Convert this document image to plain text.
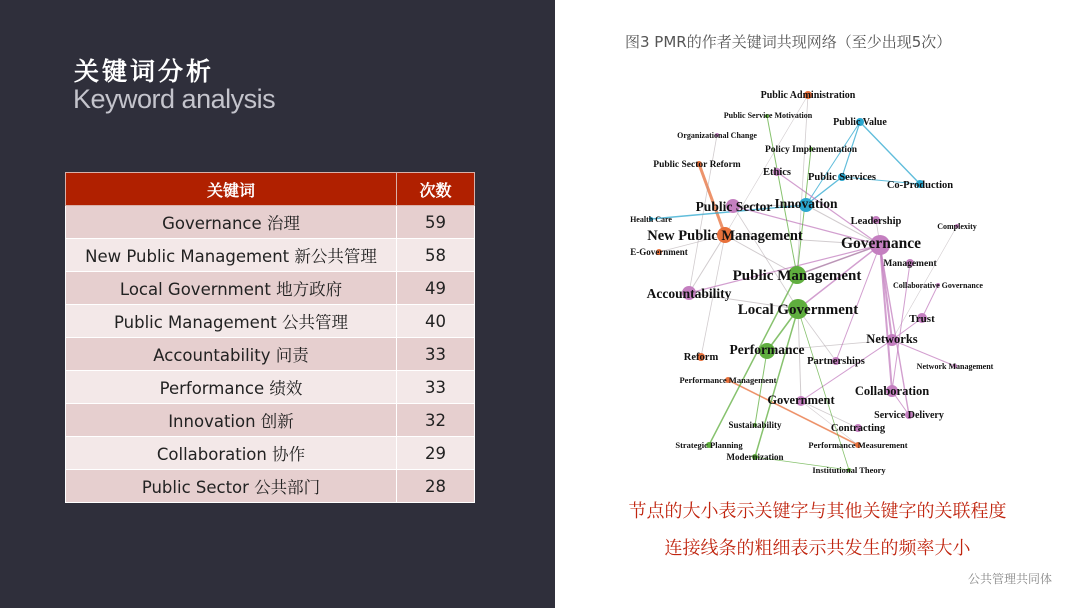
关键词分析
Keyword analysis
关键词	次数
Governance 治理	59
New Public Management 新公共管理	58
Local Government 地方政府	49
Public Management 公共管理	40
Accountability 问责	33
Performance 绩效	33
Innovation 创新	32
Collaboration 协作	29
Public Sector 公共部门	28
图3 PMR的作者关键词共现网络（至少出现5次）
Public Administration
Public Service Motivation
Public Value
Organizational Change
Policy Implementation
Public Sector Reform
Ethics Public Services
Co-Production
Public Sector Innovation
Health Care	Leadership	Complexity
New Public Management Governance
E-Government
Management
Public Management
Collaborative Governance
Accountability
Local Government
Trust
Networks
Performance
Reform	Partnerships	Network Management
Performance Management
Collaboration
Government
Service Delivery
Sustainability	Contracting
Strategic Planning	Performance Measurement
Modernization
Institutional Theory
节点的大小表示关键字与其他关键字的关联程度
连接线条的粗细表示共发生的频率大小
公共管理共同体
